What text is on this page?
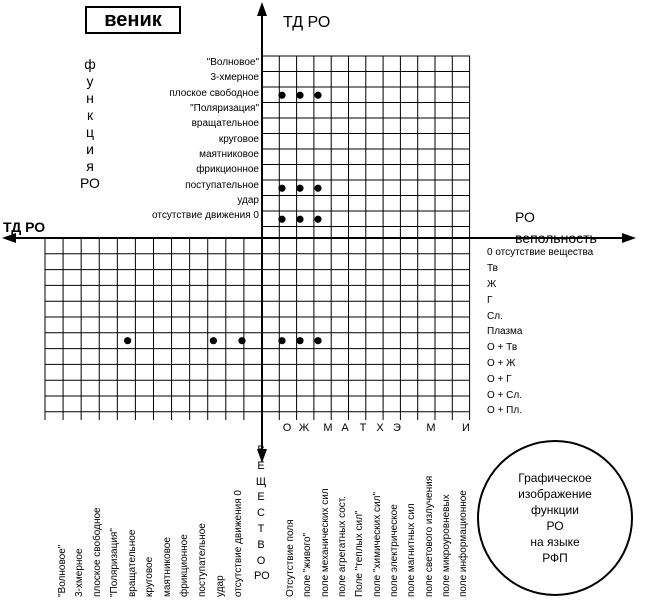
веник	ТД РО
ТД РО
РО
вепольность
ф
у
н
к
ц
и
я
РО
"Волновое"
3-хмерное
плоское свободное
"Поляризация"
вращательное
круговое
маятниковое
фрикционное
поступательное
удар
отсутствие движения 0
0 отсутствие вещества
Тв
Ж
Г
Сл.
Плазма
О + Тв
О + Ж
О + Г
О + Сл.
О + Пл.
О Ж	М А Т Х Э	М	И
"Волновое" 3-хмерное плоское свободное "Поляризация" вращательное круговое маятниковое фрикционное поступательное удар отсутствие движения 0
В
Е
Щ
Е
С
Т
В
О
РО Отсутствие поля поле "живого" поле механических сил поле агрегатных сост. Поле "теплых сил" поле "химических сил" поле электрическое поле магнитных сил поле светового излучения поле микроуровневых поле информационное
Графическое
изображение
функции
РО
на языке
РФП
